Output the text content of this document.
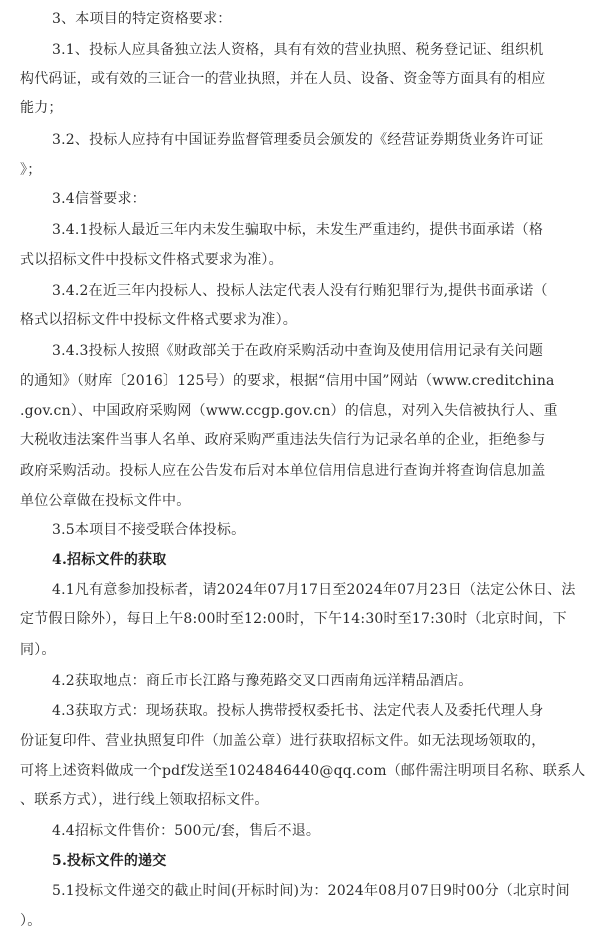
3、本项目的特定资格要求：
3.1、投标人应具备独立法人资格，具有有效的营业执照、税务登记证、组织机
构代码证，或有效的三证合一的营业执照，并在人员、设备、资金等方面具有的相应
能力；
3.2、投标人应持有中国证券监督管理委员会颁发的《经营证券期货业务许可证
》；
3.4信誉要求：
3.4.1投标人最近三年内未发生骗取中标，未发生严重违约，提供书面承诺（格
式以招标文件中投标文件格式要求为准）。
3.4.2在近三年内投标人、投标人法定代表人没有行贿犯罪行为,提供书面承诺（
格式以招标文件中投标文件格式要求为准）。
3.4.3投标人按照《财政部关于在政府采购活动中查询及使用信用记录有关问题
的通知》（财库〔2016〕125号）的要求，根据“信用中国”网站（www.creditchina
.gov.cn）、中国政府采购网（www.ccgp.gov.cn）的信息，对列入失信被执行人、重
大税收违法案件当事人名单、政府采购严重违法失信行为记录名单的企业，拒绝参与
政府采购活动。投标人应在公告发布后对本单位信用信息进行查询并将查询信息加盖
单位公章做在投标文件中。
3.5本项目不接受联合体投标。
4.招标文件的获取
4.1凡有意参加投标者，请2024年07月17日至2024年07月23日（法定公休日、法
定节假日除外），每日上午8:00时至12:00时，下午14:30时至17:30时（北京时间，下
同）。
4.2获取地点：商丘市长江路与豫苑路交叉口西南角远洋精品酒店。
4.3获取方式：现场获取。投标人携带授权委托书、法定代表人及委托代理人身
份证复印件、营业执照复印件（加盖公章）进行获取招标文件。如无法现场领取的，
可将上述资料做成一个pdf发送至1024846440@qq.com（邮件需注明项目名称、联系人
、联系方式），进行线上领取招标文件。
4.4招标文件售价：500元/套，售后不退。
5.投标文件的递交
5.1投标文件递交的截止时间(开标时间)为：2024年08月07日9时00分（北京时间
）。
